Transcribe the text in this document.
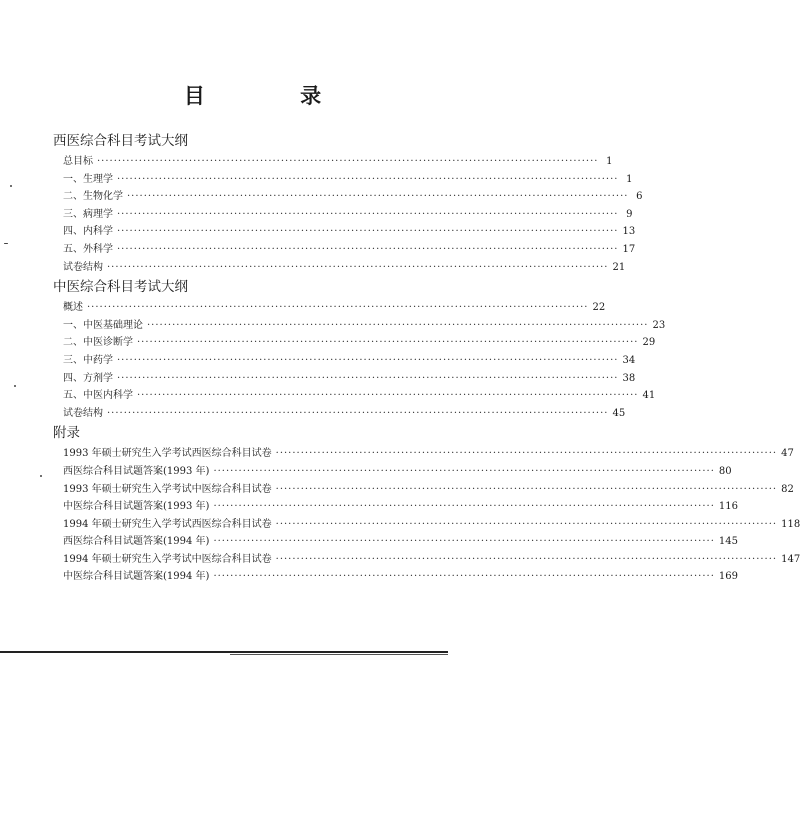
目 录
西医综合科目考试大纲
总目标 ························································································································ 1
一、生理学 ························································································································ 1
二、生物化学 ························································································································ 6
三、病理学 ························································································································ 9
四、内科学 ························································································································ 13
五、外科学 ························································································································ 17
试卷结构 ························································································································ 21
中医综合科目考试大纲
概述 ························································································································ 22
一、中医基础理论 ························································································································ 23
二、中医诊断学 ························································································································ 29
三、中药学 ························································································································ 34
四、方剂学 ························································································································ 38
五、中医内科学 ························································································································ 41
试卷结构 ························································································································ 45
附录
1993 年硕士研究生入学考试西医综合科目试卷 ························································································································ 47
西医综合科目试题答案(1993 年) ························································································································ 80
1993 年硕士研究生入学考试中医综合科目试卷 ························································································································ 82
中医综合科目试题答案(1993 年) ························································································································ 116
1994 年硕士研究生入学考试西医综合科目试卷 ························································································································ 118
西医综合科目试题答案(1994 年) ························································································································ 145
1994 年硕士研究生入学考试中医综合科目试卷 ························································································································ 147
中医综合科目试题答案(1994 年) ························································································································ 169
